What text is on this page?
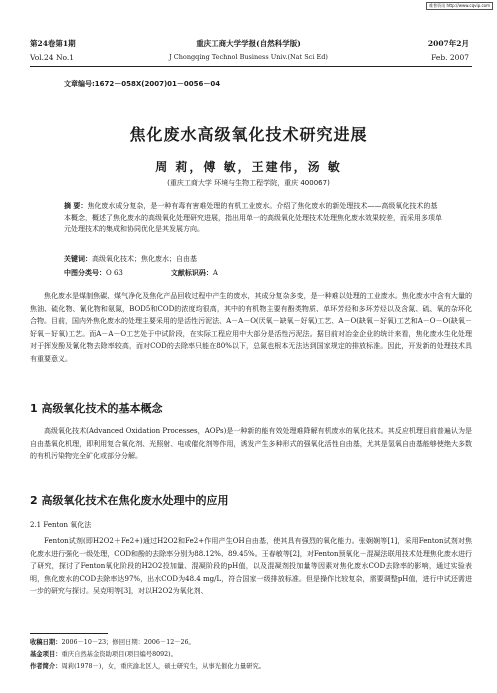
维普资讯 http://www.cqvip.com
第24卷第1期	重庆工商大学学报(自然科学版)	2007年2月
Vol.24 No.1	J Chongqing Technol Business Univ.(Nat Sci Ed)	Feb. 2007
文章编号:1672－058X(2007)01－0056－04
焦化废水高级氧化技术研究进展
周 莉，傅 敏，王建伟，汤 敏
(重庆工商大学 环境与生物工程学院，重庆 400067)
摘 要：焦化废水成分复杂，是一种有毒有害难处理的有机工业废水。介绍了焦化废水的新处理技术——高级氧化技术的基本概念，概述了焦化废水的高级氧化处理研究进展，指出用单一的高级氧化处理技术处理焦化废水效果较差，而采用多项单元处理技术的集成和协同优化是其发展方向。
关键词：高级氧化技术；焦化废水；自由基
中图分类号：O 63	文献标识码：A
焦化废水是煤制焦碳、煤气净化及焦化产品回收过程中产生的废水，其成分复杂多变，是一种难以处理的工业废水。焦化废水中含有大量的焦油、硫化物、氰化物和氨氮，BOD5和COD的浓度均很高，其中的有机物主要有酚类物质、单环芳烃和多环芳烃以及含氮、硫、氧的杂环化合物。目前，国内外焦化废水的处理主要采用的是活性污泥法、A－A－O(厌氧－缺氧－好氧)工艺、A－O(缺氧－好氧)工艺和A－O－O(缺氧－好氧－好氧)工艺。而A－A－O工艺处于中试阶段，在实际工程应用中大部分是活性污泥法。据目前对冶金企业的统计来看，焦化废水生化处理对于挥发酚及氰化物去除率较高，而对COD的去除率只能在80%以下，总氮也根本无法达到国家规定的排放标准。因此，开发新的处理技术具有重要意义。
1 高级氧化技术的基本概念
高级氧化技术(Advanced Oxidation Processes，AOPs)是一种新的能有效处理难降解有机废水的氧化技术。其反应机理目前普遍认为是自由基氧化机理，即利用复合氧化剂、光照射、电或催化剂等作用，诱发产生多种形式的强氧化活性自由基，尤其是氢氧自由基能够使绝大多数的有机污染物完全矿化或部分分解。
2 高级氧化技术在焦化废水处理中的应用
2.1 Fenton 氧化法
Fenton试剂(即H2O2＋Fe2+)通过H2O2和Fe2+作用产生OH自由基，使其具有强烈的氧化能力。张娴娴等[1]，采用Fenton试剂对焦化废水进行强化一级处理，COD和酚的去除率分别为88.12%、89.45%。王春敏等[2]，对Fenton预氧化－混凝法联用技术处理焦化废水进行了研究，探讨了Fenton氧化阶段的H2O2投加量、混凝阶段的pH值，以及混凝剂投加量等因素对焦化废水COD去除率的影响，通过实验表明，焦化废水的COD去除率达97%，出水COD为48.4 mg/L，符合国家一级排放标准。但是操作比较复杂，需要调整pH值，进行中试还需进一步的研究与探讨。吴克明等[3]，对以H2O2为氧化剂、
收稿日期：2006－10－23；修回日期：2006－12－26。
基金项目：重庆自然基金资助项目(项目编号8092)。
作者简介：周莉(1978－)，女，重庆渝北区人，硕士研究生，从事光催化力量研究。
